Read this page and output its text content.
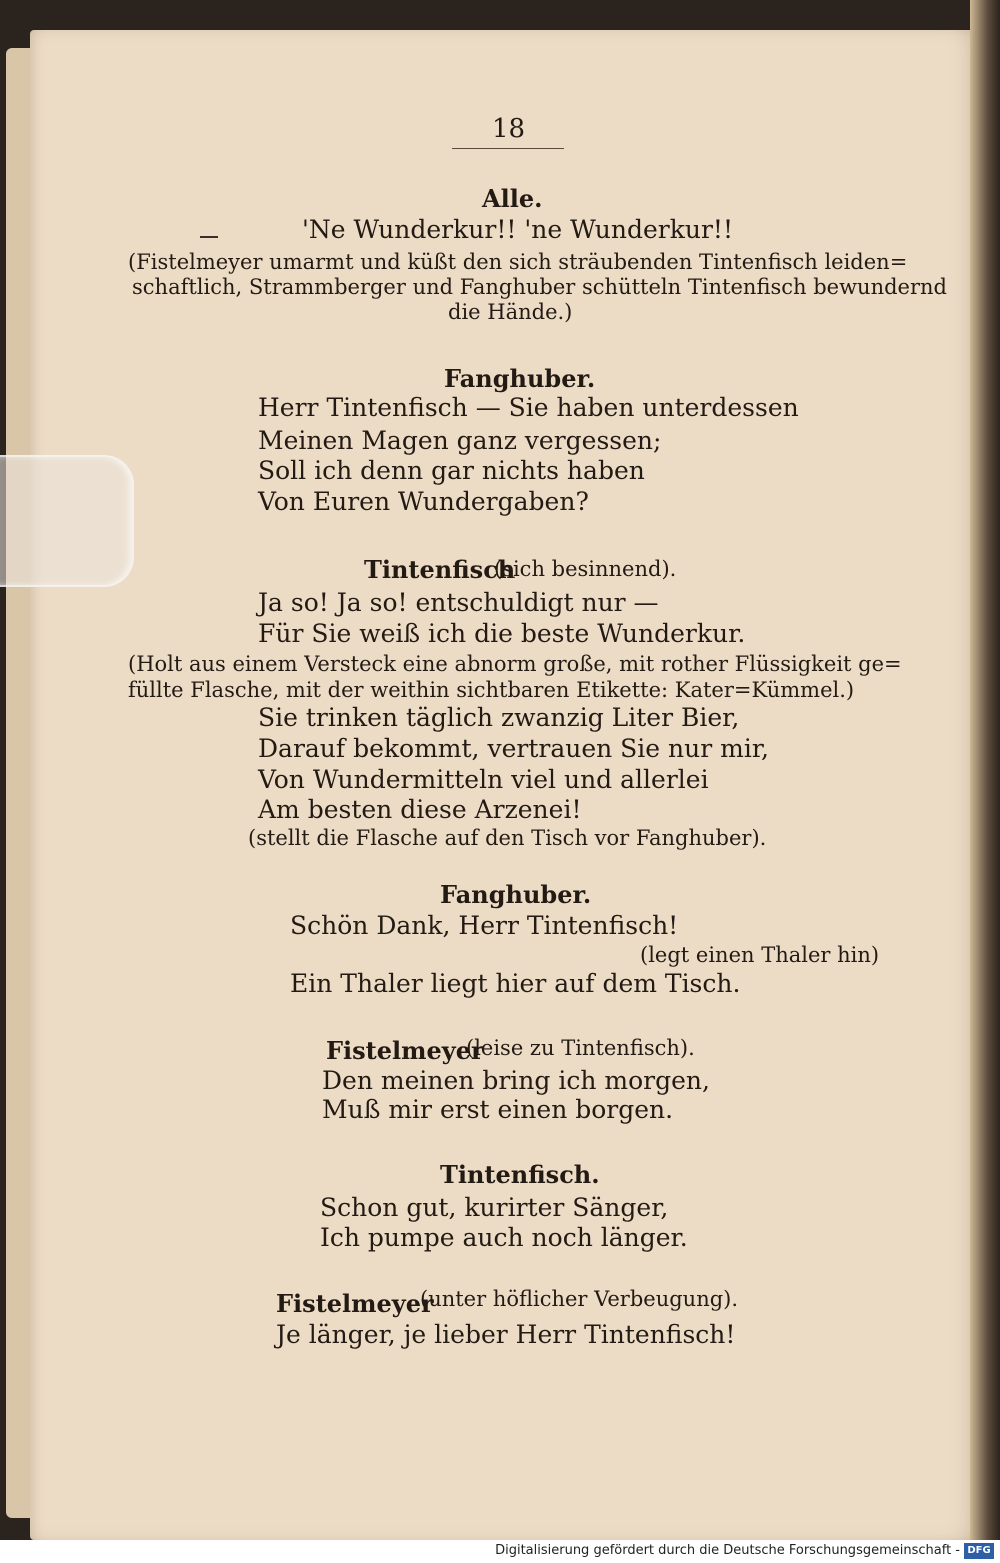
18
Alle.
'Ne Wunderkur!! 'ne Wunderkur!!
(Fistelmeyer umarmt und küßt den sich sträubenden Tintenfisch leiden=
schaftlich, Strammberger und Fanghuber schütteln Tintenfisch bewundernd
die Hände.)
Fanghuber.
Herr Tintenfisch — Sie haben unterdessen
Meinen Magen ganz vergessen;
Soll ich denn gar nichts haben
Von Euren Wundergaben?
Tintenfisch
(sich besinnend).
Ja so! Ja so! entschuldigt nur —
Für Sie weiß ich die beste Wunderkur.
(Holt aus einem Versteck eine abnorm große, mit rother Flüssigkeit ge=
füllte Flasche, mit der weithin sichtbaren Etikette: Kater=Kümmel.)
Sie trinken täglich zwanzig Liter Bier,
Darauf bekommt, vertrauen Sie nur mir,
Von Wundermitteln viel und allerlei
Am besten diese Arzenei!
(stellt die Flasche auf den Tisch vor Fanghuber).
Fanghuber.
Schön Dank, Herr Tintenfisch!
(legt einen Thaler hin)
Ein Thaler liegt hier auf dem Tisch.
Fistelmeyer
(leise zu Tintenfisch).
Den meinen bring ich morgen,
Muß mir erst einen borgen.
Tintenfisch.
Schon gut, kurirter Sänger,
Ich pumpe auch noch länger.
Fistelmeyer
(unter höflicher Verbeugung).
Je länger, je lieber Herr Tintenfisch!
Digitalisierung gefördert durch die Deutsche Forschungsgemeinschaft - DFG
